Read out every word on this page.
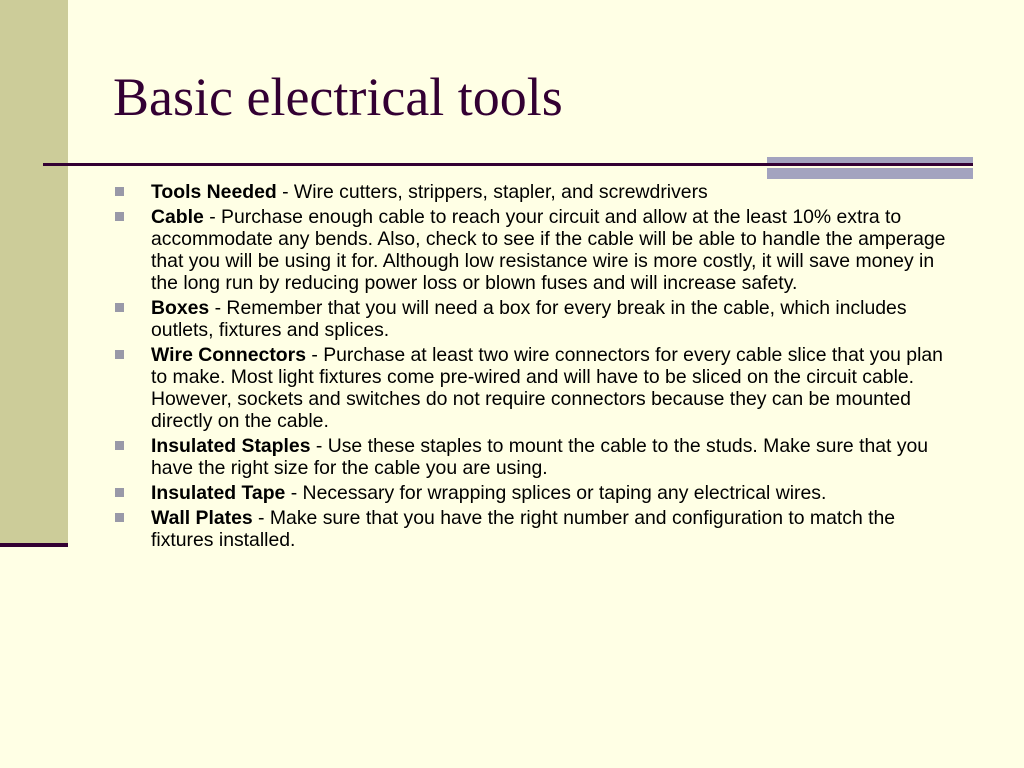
Basic electrical tools
Tools Needed - Wire cutters, strippers, stapler, and screwdrivers
Cable - Purchase enough cable to reach your circuit and allow at the least 10% extra to accommodate any bends. Also, check to see if the cable will be able to handle the amperage that you will be using it for. Although low resistance wire is more costly, it will save money in the long run by reducing power loss or blown fuses and will increase safety.
Boxes - Remember that you will need a box for every break in the cable, which includes outlets, fixtures and splices.
Wire Connectors - Purchase at least two wire connectors for every cable slice that you plan to make. Most light fixtures come pre-wired and will have to be sliced on the circuit cable. However, sockets and switches do not require connectors because they can be mounted directly on the cable.
Insulated Staples - Use these staples to mount the cable to the studs. Make sure that you have the right size for the cable you are using.
Insulated Tape - Necessary for wrapping splices or taping any electrical wires.
Wall Plates - Make sure that you have the right number and configuration to match the fixtures installed.
